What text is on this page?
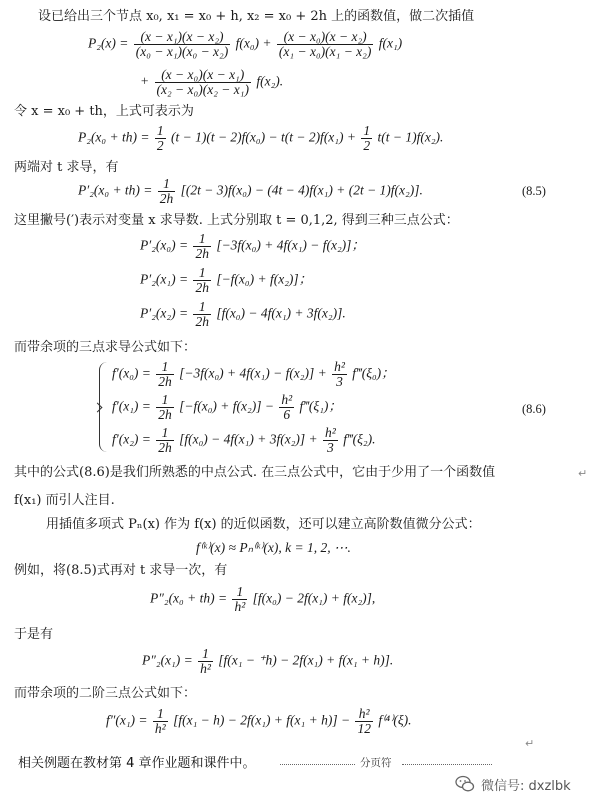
设已给出三个节点 x₀, x₁ = x₀ + h, x₂ = x₀ + 2h 上的函数值，做二次插值
$P_2(x) = \frac{\text{(x − x₁)(x − x₂)}}{\text{(x₀ − x₁)(x₀ − x₂)}} f(x_0) + \frac{\text{(x − x₀)(x − x₂)}}{\text{(x₁ − x₀)(x₁ − x₂)}} f(x_1)$
+ $\frac{\text{(x − x₀)(x − x₁)}}{\text{(x₂ − x₀)(x₂ − x₁)}} f(x_2)$.
令 x = x₀ + th，上式可表示为
$P_2(x_0 + th) = \frac{1}{2} (t - 1)(t - 2)f(x_0) - t(t - 2)f(x_1) + \frac{1}{2} t(t - 1)f(x_2)$.
两端对 t 求导，有
$P'_2(x_0 + th) = \frac{1}{2h} [(2t - 3)f(x_0) - (4t - 4)f(x_1) + (2t - 1)f(x_2)]$.	(8.5)
这里撇号(′)表示对变量 x 求导数. 上式分别取 t = 0,1,2, 得到三种三点公式：
$P'_2(x_0) = \frac{1}{2h} [-3f(x_0) + 4f(x_1) - f(x_2)]$；
$P'_2(x_1) = \frac{1}{2h} [-f(x_0) + f(x_2)]$；
$P'_2(x_2) = \frac{1}{2h} [f(x_0) - 4f(x_1) + 3f(x_2)]$.
而带余项的三点求导公式如下：
$f'(x_0) = \frac{1}{2h} [-3f(x_0) + 4f(x_1) - f(x_2)] + \frac{\text{h²}}{3}$ f‴(ξ₀)；
$f'(x_1) = \frac{1}{2h} [-f(x_0) + f(x_2)] - \frac{\text{h²}}{6}$ f‴(ξ₁)；	(8.6)
$f'(x_2) = \frac{1}{2h} [f(x_0) - 4f(x_1) + 3f(x_2)] + \frac{\text{h²}}{3}$ f‴(ξ₂).
其中的公式(8.6)是我们所熟悉的中点公式. 在三点公式中，它由于少用了一个函数值	↵
f(x₁) 而引人注目.
用插值多项式 Pₙ(x) 作为 f(x) 的近似函数，还可以建立高阶数值微分公式：
f⁽ᵏ⁾(x) ≈ Pₙ⁽ᵏ⁾(x), k = 1, 2, ⋯.
例如，将(8.5)式再对 t 求导一次，有
$P''_2(x_0 + th) = \frac{1}{\text{h²}} [f(x_0) - 2f(x_1) + f(x_2)]$,
于是有
$P''_2(x_1) = \frac{1}{\text{h²}} [f(x_1 - ^+h) - 2f(x_1) + f(x_1 + h)]$.
而带余项的二阶三点公式如下：
$f''(x_1) = \frac{1}{\text{h²}} [f(x_1 - h) - 2f(x_1) + f(x_1 + h)] - \frac{\text{h²}}{12} f^{(4)}(\xi)$.
↵
相关例题在教材第 4 章作业题和课件中。	分页符
微信号: dxzlbk
